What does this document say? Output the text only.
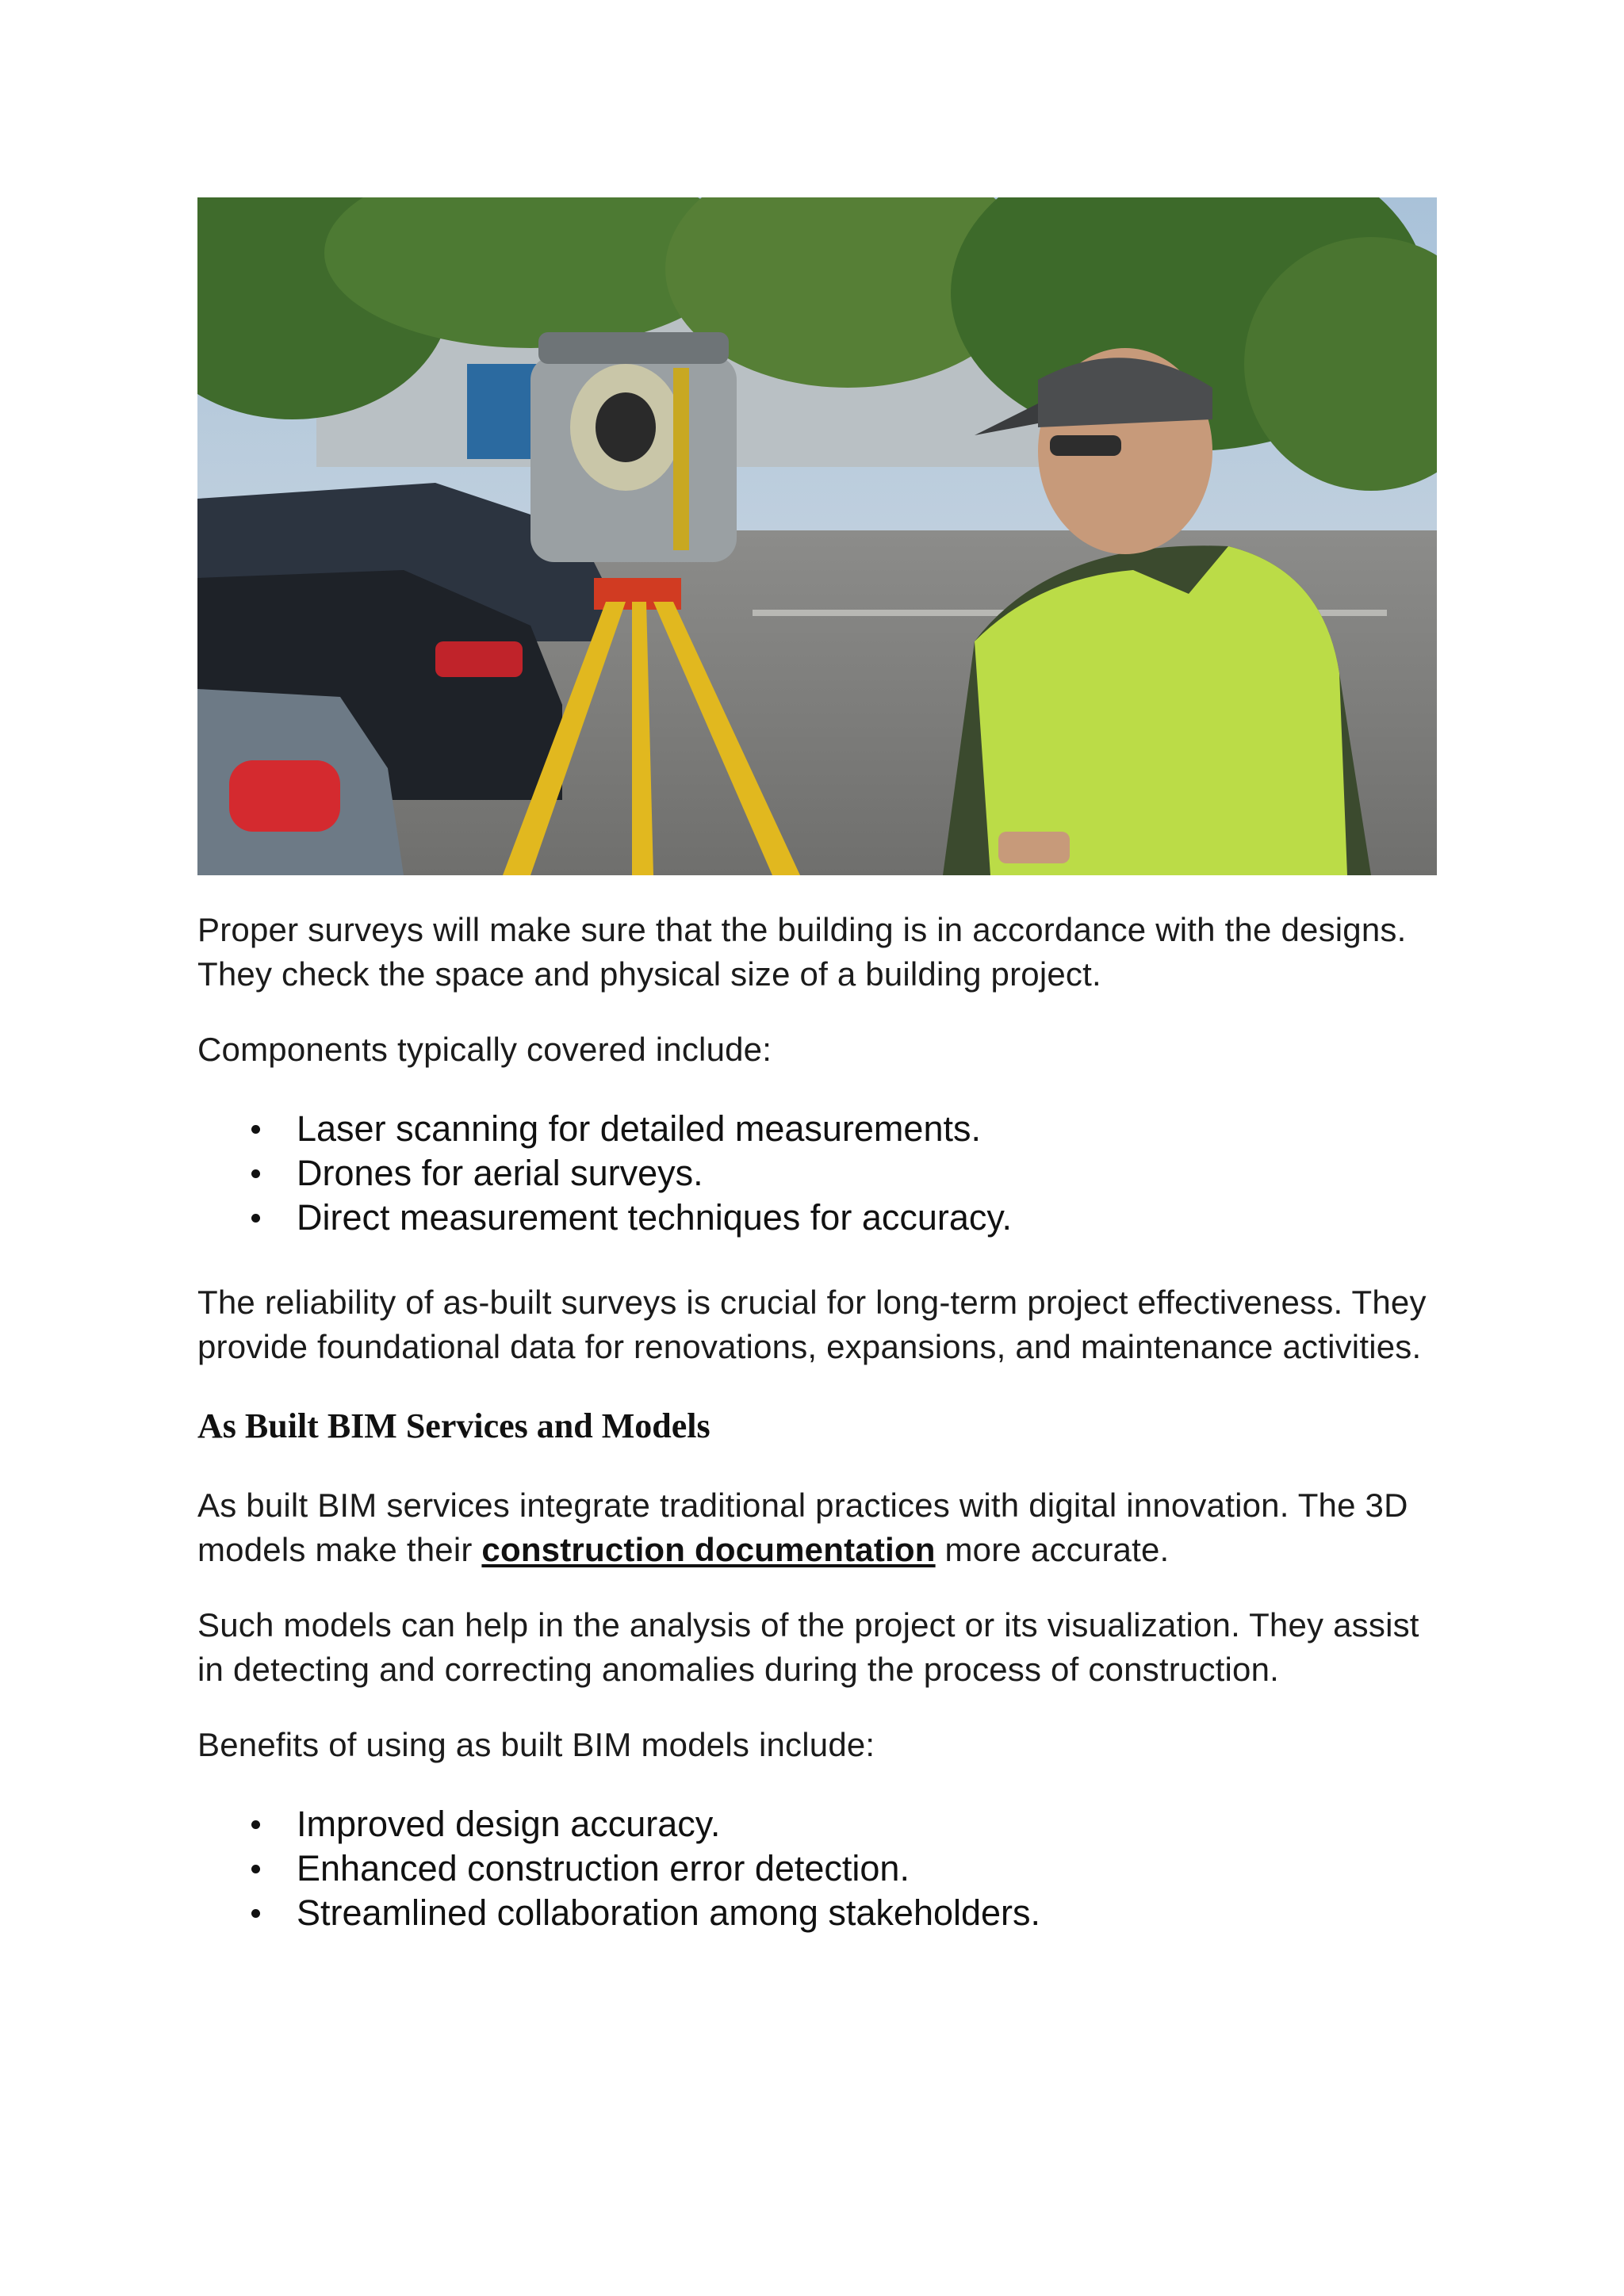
Proper surveys will make sure that the building is in accordance with the designs. They check the space and physical size of a building project.

Components typically covered include:

Laser scanning for detailed measurements.
Drones for aerial surveys.
Direct measurement techniques for accuracy.

The reliability of as-built surveys is crucial for long-term project effectiveness. They provide foundational data for renovations, expansions, and maintenance activities.

As Built BIM Services and Models

As built BIM services integrate traditional practices with digital innovation. The 3D models make their construction documentation more accurate.

Such models can help in the analysis of the project or its visualization. They assist in detecting and correcting anomalies during the process of construction.

Benefits of using as built BIM models include:

Improved design accuracy.
Enhanced construction error detection.
Streamlined collaboration among stakeholders.
